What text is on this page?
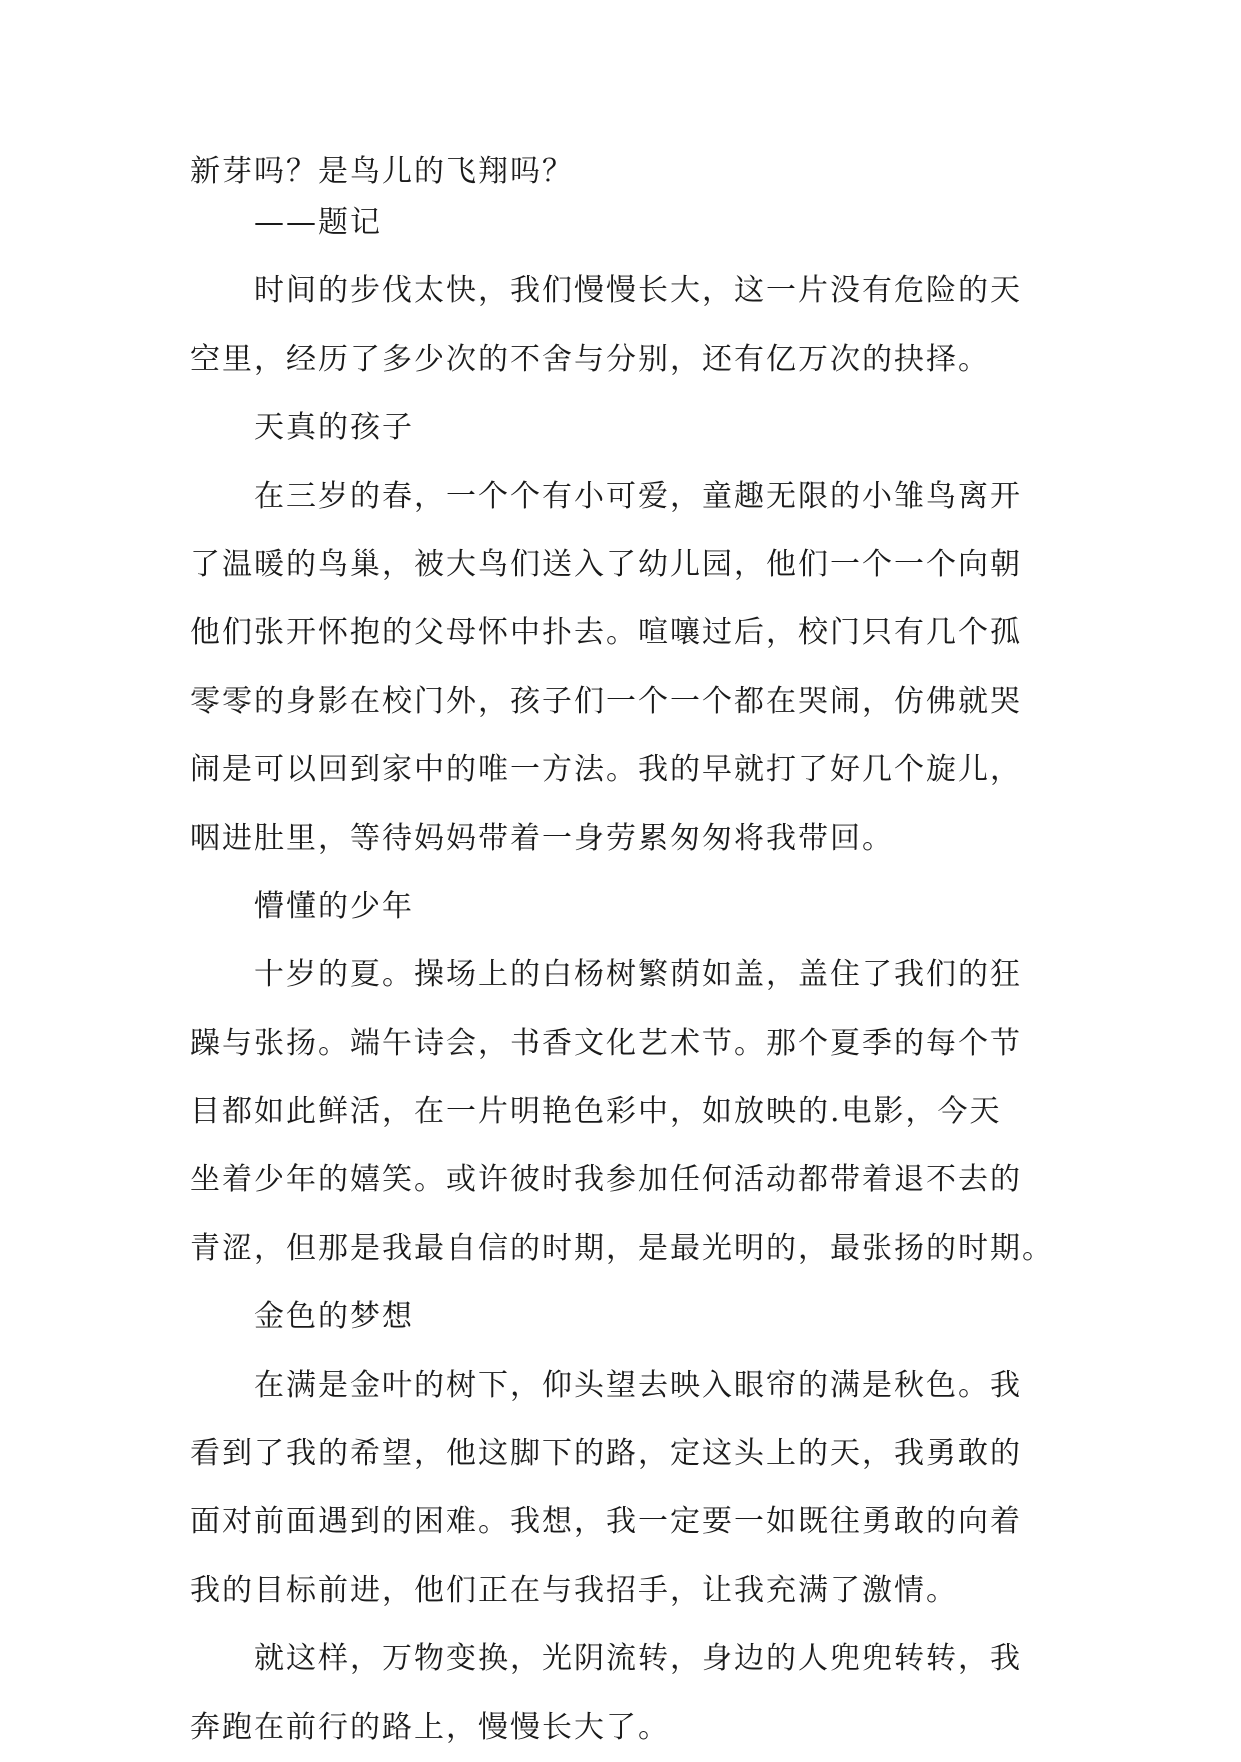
新芽吗？是鸟儿的飞翔吗？
　　——题记
　　时间的步伐太快，我们慢慢长大，这一片没有危险的天
空里，经历了多少次的不舍与分别，还有亿万次的抉择。
　　天真的孩子
　　在三岁的春，一个个有小可爱，童趣无限的小雏鸟离开
了温暖的鸟巢，被大鸟们送入了幼儿园，他们一个一个向朝
他们张开怀抱的父母怀中扑去。喧嚷过后，校门只有几个孤
零零的身影在校门外，孩子们一个一个都在哭闹，仿佛就哭
闹是可以回到家中的唯一方法。我的早就打了好几个旋儿，
咽进肚里，等待妈妈带着一身劳累匆匆将我带回。
　　懵懂的少年
　　十岁的夏。操场上的白杨树繁荫如盖，盖住了我们的狂
躁与张扬。端午诗会，书香文化艺术节。那个夏季的每个节
目都如此鲜活，在一片明艳色彩中，如放映的.电影，今天
坐着少年的嬉笑。或许彼时我参加任何活动都带着退不去的
青涩，但那是我最自信的时期，是最光明的，最张扬的时期。
　　金色的梦想
　　在满是金叶的树下，仰头望去映入眼帘的满是秋色。我
看到了我的希望，他这脚下的路，定这头上的天，我勇敢的
面对前面遇到的困难。我想，我一定要一如既往勇敢的向着
我的目标前进，他们正在与我招手，让我充满了激情。
　　就这样，万物变换，光阴流转，身边的人兜兜转转，我
奔跑在前行的路上，慢慢长大了。
